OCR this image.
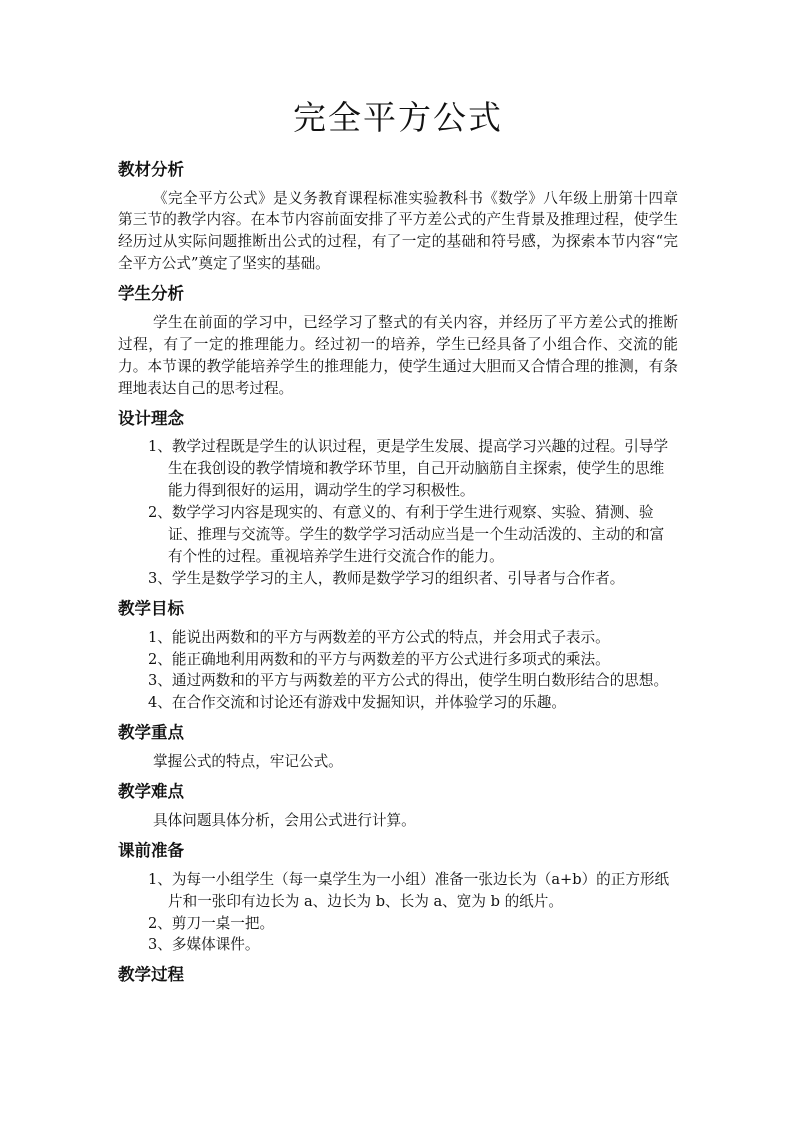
完全平方公式
教材分析

《完全平方公式》是义务教育课程标准实验教科书《数学》八年级上册第十四章第三节的教学内容。在本节内容前面安排了平方差公式的产生背景及推理过程，使学生经历过从实际问题推断出公式的过程，有了一定的基础和符号感，为探索本节内容“完全平方公式”奠定了坚实的基础。

学生分析

学生在前面的学习中，已经学习了整式的有关内容，并经历了平方差公式的推断过程，有了一定的推理能力。经过初一的培养，学生已经具备了小组合作、交流的能力。本节课的教学能培养学生的推理能力，使学生通过大胆而又合情合理的推测，有条理地表达自己的思考过程。

设计理念

1、教学过程既是学生的认识过程，更是学生发展、提高学习兴趣的过程。引导学生在我创设的教学情境和教学环节里，自己开动脑筋自主探索，使学生的思维能力得到很好的运用，调动学生的学习积极性。

2、数学学习内容是现实的、有意义的、有利于学生进行观察、实验、猜测、验证、推理与交流等。学生的数学学习活动应当是一个生动活泼的、主动的和富有个性的过程。重视培养学生进行交流合作的能力。

3、学生是数学学习的主人，教师是数学学习的组织者、引导者与合作者。

教学目标

1、能说出两数和的平方与两数差的平方公式的特点，并会用式子表示。

2、能正确地利用两数和的平方与两数差的平方公式进行多项式的乘法。

3、通过两数和的平方与两数差的平方公式的得出，使学生明白数形结合的思想。

4、在合作交流和讨论还有游戏中发掘知识，并体验学习的乐趣。

教学重点

掌握公式的特点，牢记公式。

教学难点

具体问题具体分析，会用公式进行计算。

课前准备

1、为每一小组学生（每一桌学生为一小组）准备一张边长为（a+b）的正方形纸片和一张印有边长为 a、边长为 b、长为 a、宽为 b 的纸片。

2、剪刀一桌一把。

3、多媒体课件。

教学过程
